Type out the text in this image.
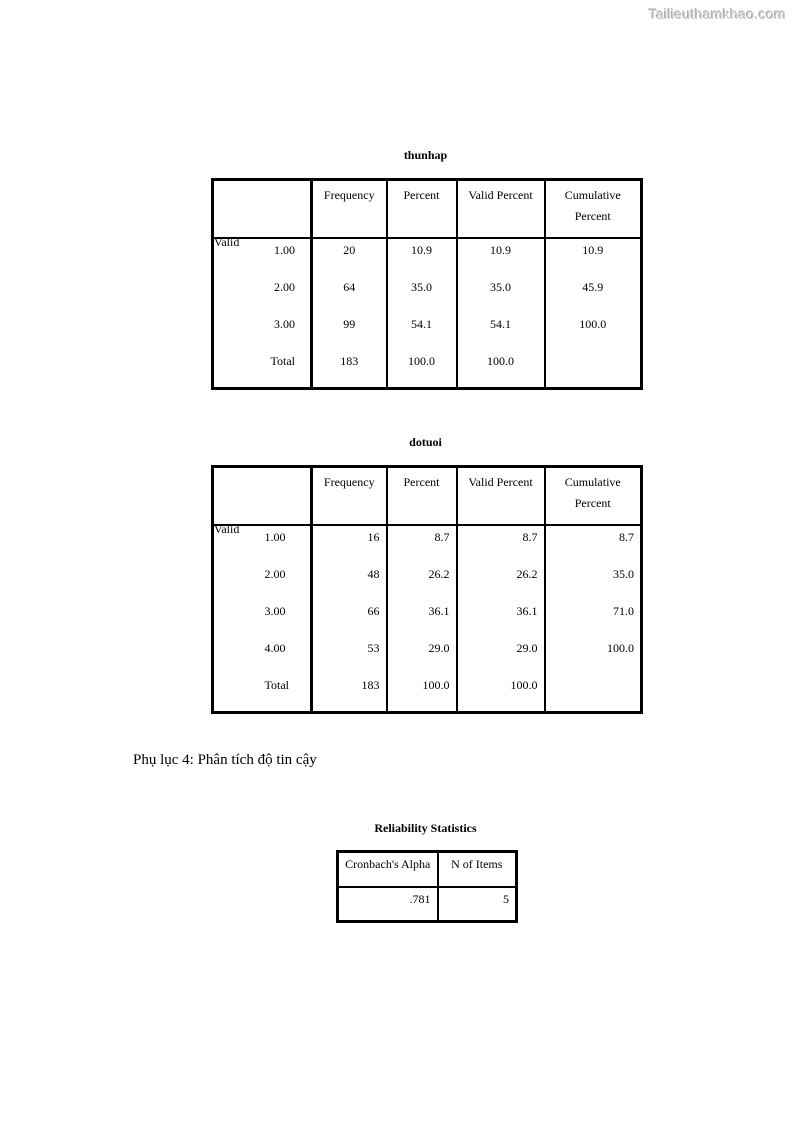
Tailieuthamkhao.com
thunhap
		Frequency	Percent	Valid Percent	Cumulative Percent
Valid	1.00	20	10.9	10.9	10.9
	2.00	64	35.0	35.0	45.9
	3.00	99	54.1	54.1	100.0
	Total	183	100.0	100.0	
dotuoi
		Frequency	Percent	Valid Percent	Cumulative Percent
Valid	1.00	16	8.7	8.7	8.7
	2.00	48	26.2	26.2	35.0
	3.00	66	36.1	36.1	71.0
	4.00	53	29.0	29.0	100.0
	Total	183	100.0	100.0	
Phụ lục 4: Phân tích độ tin cậy
Reliability Statistics
Cronbach's Alpha	N of Items
.781	5
